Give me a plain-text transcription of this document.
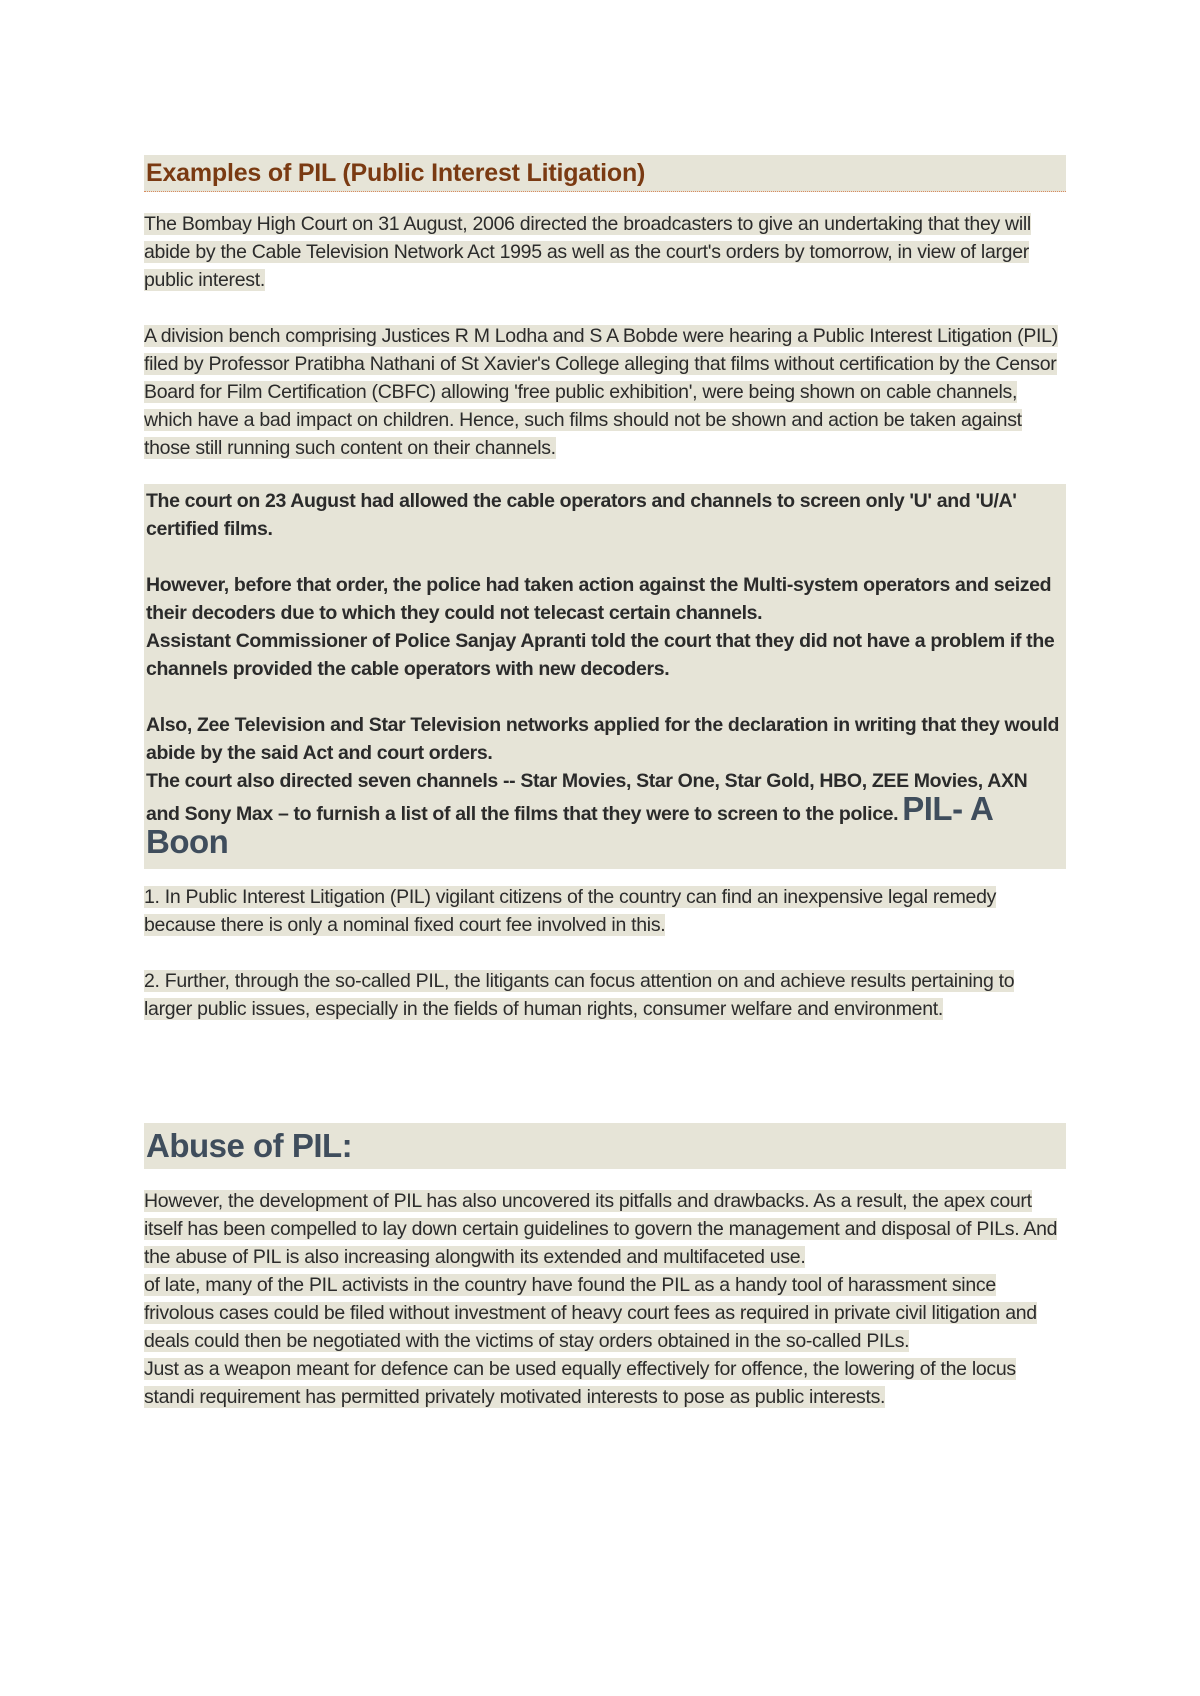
Examples of PIL (Public Interest Litigation)

The Bombay High Court on 31 August, 2006 directed the broadcasters to give an undertaking that they will abide by the Cable Television Network Act 1995 as well as the court's orders by tomorrow, in view of larger public interest.

A division bench comprising Justices R M Lodha and S A Bobde were hearing a Public Interest Litigation (PIL) filed by Professor Pratibha Nathani of St Xavier's College alleging that films without certification by the Censor Board for Film Certification (CBFC) allowing 'free public exhibition', were being shown on cable channels, which have a bad impact on children. Hence, such films should not be shown and action be taken against those still running such content on their channels.

The court on 23 August had allowed the cable operators and channels to screen only 'U' and 'U/A' certified films.

However, before that order, the police had taken action against the Multi-system operators and seized their decoders due to which they could not telecast certain channels.

Assistant Commissioner of Police Sanjay Apranti told the court that they did not have a problem if the channels provided the cable operators with new decoders.

Also, Zee Television and Star Television networks applied for the declaration in writing that they would abide by the said Act and court orders.

The court also directed seven channels -- Star Movies, Star One, Star Gold, HBO, ZEE Movies, AXN and Sony Max – to furnish a list of all the films that they were to screen to the police. PIL- A Boon

1. In Public Interest Litigation (PIL) vigilant citizens of the country can find an inexpensive legal remedy because there is only a nominal fixed court fee involved in this.

2. Further, through the so-called PIL, the litigants can focus attention on and achieve results pertaining to larger public issues, especially in the fields of human rights, consumer welfare and environment.

Abuse of PIL:

However, the development of PIL has also uncovered its pitfalls and drawbacks. As a result, the apex court itself has been compelled to lay down certain guidelines to govern the management and disposal of PILs. And the abuse of PIL is also increasing alongwith its extended and multifaceted use.

of late, many of the PIL activists in the country have found the PIL as a handy tool of harassment since frivolous cases could be filed without investment of heavy court fees as required in private civil litigation and deals could then be negotiated with the victims of stay orders obtained in the so-called PILs.

Just as a weapon meant for defence can be used equally effectively for offence, the lowering of the locus standi requirement has permitted privately motivated interests to pose as public interests.
